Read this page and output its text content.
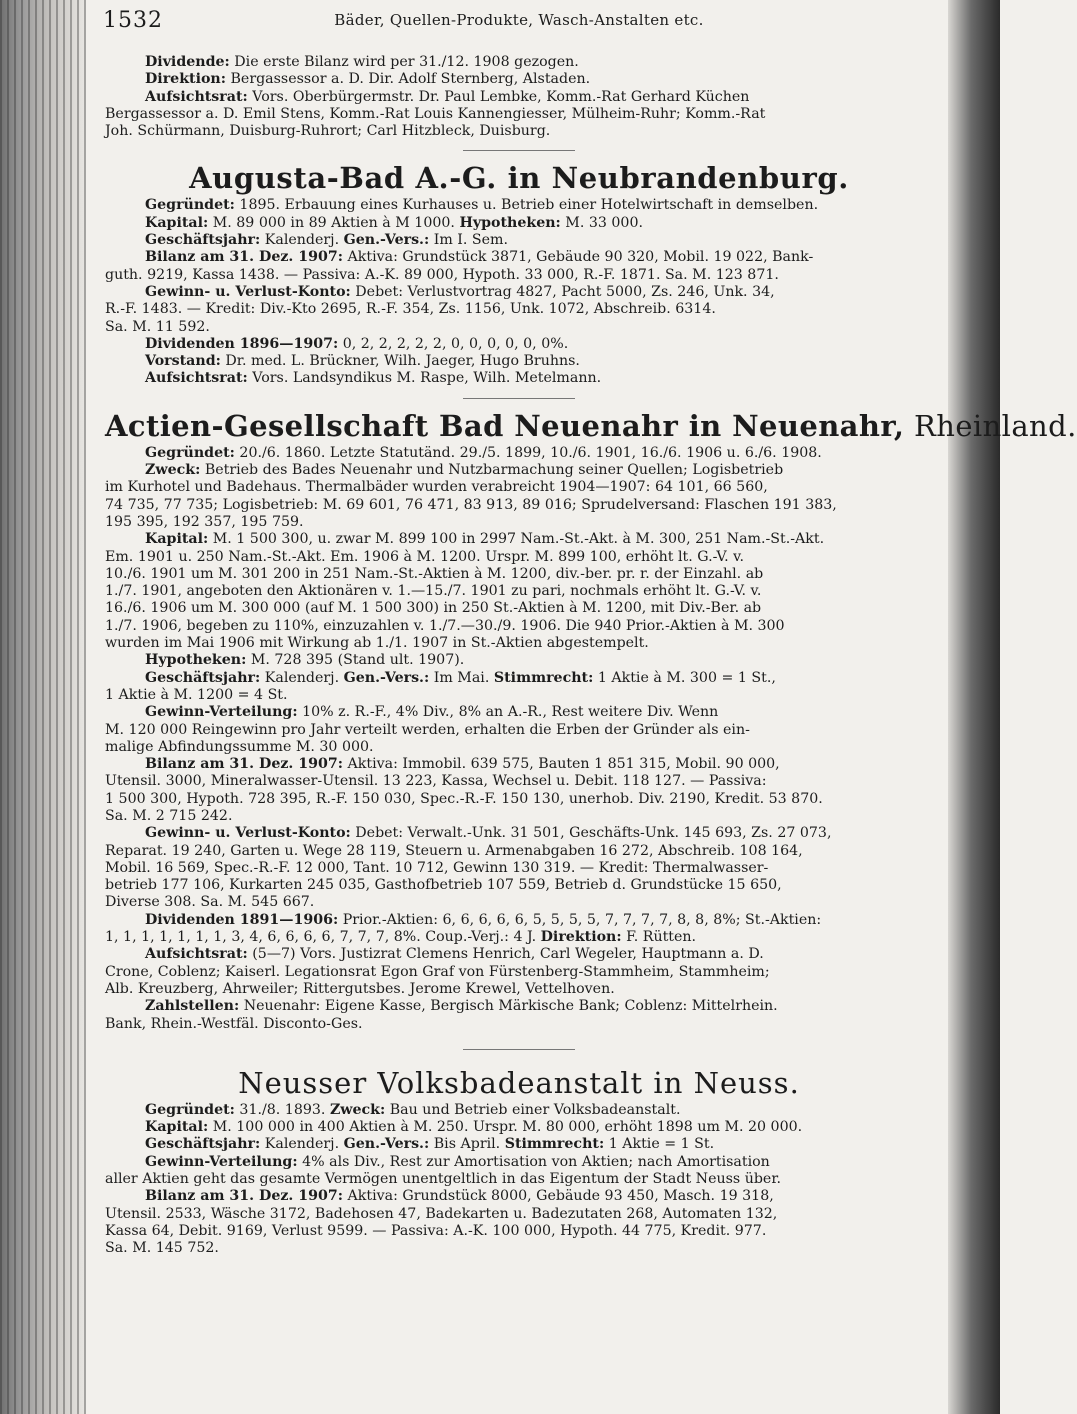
1532	Bäder, Quellen-Produkte, Wasch-Anstalten etc.
Dividende: Die erste Bilanz wird per 31./12. 1908 gezogen.
Direktion: Bergassessor a. D. Dir. Adolf Sternberg, Alstaden.
Aufsichtsrat: Vors. Oberbürgermstr. Dr. Paul Lembke, Komm.-Rat Gerhard Küchen
Bergassessor a. D. Emil Stens, Komm.-Rat Louis Kannengiesser, Mülheim-Ruhr; Komm.-Rat
Joh. Schürmann, Duisburg-Ruhrort; Carl Hitzbleck, Duisburg.
Augusta-Bad A.-G. in Neubrandenburg.
Gegründet: 1895. Erbauung eines Kurhauses u. Betrieb einer Hotelwirtschaft in demselben.
Kapital: M. 89 000 in 89 Aktien à M 1000. Hypotheken: M. 33 000.
Geschäftsjahr: Kalenderj. Gen.-Vers.: Im I. Sem.
Bilanz am 31. Dez. 1907: Aktiva: Grundstück 3871, Gebäude 90 320, Mobil. 19 022, Bank-
guth. 9219, Kassa 1438. — Passiva: A.-K. 89 000, Hypoth. 33 000, R.-F. 1871. Sa. M. 123 871.
Gewinn- u. Verlust-Konto: Debet: Verlustvortrag 4827, Pacht 5000, Zs. 246, Unk. 34,
R.-F. 1483. — Kredit: Div.-Kto 2695, R.-F. 354, Zs. 1156, Unk. 1072, Abschreib. 6314.
Sa. M. 11 592.
Dividenden 1896—1907: 0, 2, 2, 2, 2, 2, 0, 0, 0, 0, 0, 0%.
Vorstand: Dr. med. L. Brückner, Wilh. Jaeger, Hugo Bruhns.
Aufsichtsrat: Vors. Landsyndikus M. Raspe, Wilh. Metelmann.
Actien-Gesellschaft Bad Neuenahr in Neuenahr, Rheinland.
Gegründet: 20./6. 1860. Letzte Statutänd. 29./5. 1899, 10./6. 1901, 16./6. 1906 u. 6./6. 1908.
Zweck: Betrieb des Bades Neuenahr und Nutzbarmachung seiner Quellen; Logisbetrieb
im Kurhotel und Badehaus. Thermalbäder wurden verabreicht 1904—1907: 64 101, 66 560,
74 735, 77 735; Logisbetrieb: M. 69 601, 76 471, 83 913, 89 016; Sprudelversand: Flaschen 191 383,
195 395, 192 357, 195 759.
Kapital: M. 1 500 300, u. zwar M. 899 100 in 2997 Nam.-St.-Akt. à M. 300, 251 Nam.-St.-Akt.
Em. 1901 u. 250 Nam.-St.-Akt. Em. 1906 à M. 1200. Urspr. M. 899 100, erhöht lt. G.-V. v.
10./6. 1901 um M. 301 200 in 251 Nam.-St.-Aktien à M. 1200, div.-ber. pr. r. der Einzahl. ab
1./7. 1901, angeboten den Aktionären v. 1.—15./7. 1901 zu pari, nochmals erhöht lt. G.-V. v.
16./6. 1906 um M. 300 000 (auf M. 1 500 300) in 250 St.-Aktien à M. 1200, mit Div.-Ber. ab
1./7. 1906, begeben zu 110%, einzuzahlen v. 1./7.—30./9. 1906. Die 940 Prior.-Aktien à M. 300
wurden im Mai 1906 mit Wirkung ab 1./1. 1907 in St.-Aktien abgestempelt.
Hypotheken: M. 728 395 (Stand ult. 1907).
Geschäftsjahr: Kalenderj. Gen.-Vers.: Im Mai. Stimmrecht: 1 Aktie à M. 300 = 1 St.,
1 Aktie à M. 1200 = 4 St.
Gewinn-Verteilung: 10% z. R.-F., 4% Div., 8% an A.-R., Rest weitere Div. Wenn
M. 120 000 Reingewinn pro Jahr verteilt werden, erhalten die Erben der Gründer als ein-
malige Abfindungssumme M. 30 000.
Bilanz am 31. Dez. 1907: Aktiva: Immobil. 639 575, Bauten 1 851 315, Mobil. 90 000,
Utensil. 3000, Mineralwasser-Utensil. 13 223, Kassa, Wechsel u. Debit. 118 127. — Passiva:
1 500 300, Hypoth. 728 395, R.-F. 150 030, Spec.-R.-F. 150 130, unerhob. Div. 2190, Kredit. 53 870.
Sa. M. 2 715 242.
Gewinn- u. Verlust-Konto: Debet: Verwalt.-Unk. 31 501, Geschäfts-Unk. 145 693, Zs. 27 073,
Reparat. 19 240, Garten u. Wege 28 119, Steuern u. Armenabgaben 16 272, Abschreib. 108 164,
Mobil. 16 569, Spec.-R.-F. 12 000, Tant. 10 712, Gewinn 130 319. — Kredit: Thermalwasser-
betrieb 177 106, Kurkarten 245 035, Gasthofbetrieb 107 559, Betrieb d. Grundstücke 15 650,
Diverse 308. Sa. M. 545 667.
Dividenden 1891—1906: Prior.-Aktien: 6, 6, 6, 6, 6, 5, 5, 5, 5, 7, 7, 7, 7, 8, 8, 8%; St.-Aktien:
1, 1, 1, 1, 1, 1, 1, 3, 4, 6, 6, 6, 6, 7, 7, 7, 8%. Coup.-Verj.: 4 J. Direktion: F. Rütten.
Aufsichtsrat: (5—7) Vors. Justizrat Clemens Henrich, Carl Wegeler, Hauptmann a. D.
Crone, Coblenz; Kaiserl. Legationsrat Egon Graf von Fürstenberg-Stammheim, Stammheim;
Alb. Kreuzberg, Ahrweiler; Rittergutsbes. Jerome Krewel, Vettelhoven.
Zahlstellen: Neuenahr: Eigene Kasse, Bergisch Märkische Bank; Coblenz: Mittelrhein.
Bank, Rhein.-Westfäl. Disconto-Ges.
Neusser Volksbadeanstalt in Neuss.
Gegründet: 31./8. 1893. Zweck: Bau und Betrieb einer Volksbadeanstalt.
Kapital: M. 100 000 in 400 Aktien à M. 250. Urspr. M. 80 000, erhöht 1898 um M. 20 000.
Geschäftsjahr: Kalenderj. Gen.-Vers.: Bis April. Stimmrecht: 1 Aktie = 1 St.
Gewinn-Verteilung: 4% als Div., Rest zur Amortisation von Aktien; nach Amortisation
aller Aktien geht das gesamte Vermögen unentgeltlich in das Eigentum der Stadt Neuss über.
Bilanz am 31. Dez. 1907: Aktiva: Grundstück 8000, Gebäude 93 450, Masch. 19 318,
Utensil. 2533, Wäsche 3172, Badehosen 47, Badekarten u. Badezutaten 268, Automaten 132,
Kassa 64, Debit. 9169, Verlust 9599. — Passiva: A.-K. 100 000, Hypoth. 44 775, Kredit. 977.
Sa. M. 145 752.
